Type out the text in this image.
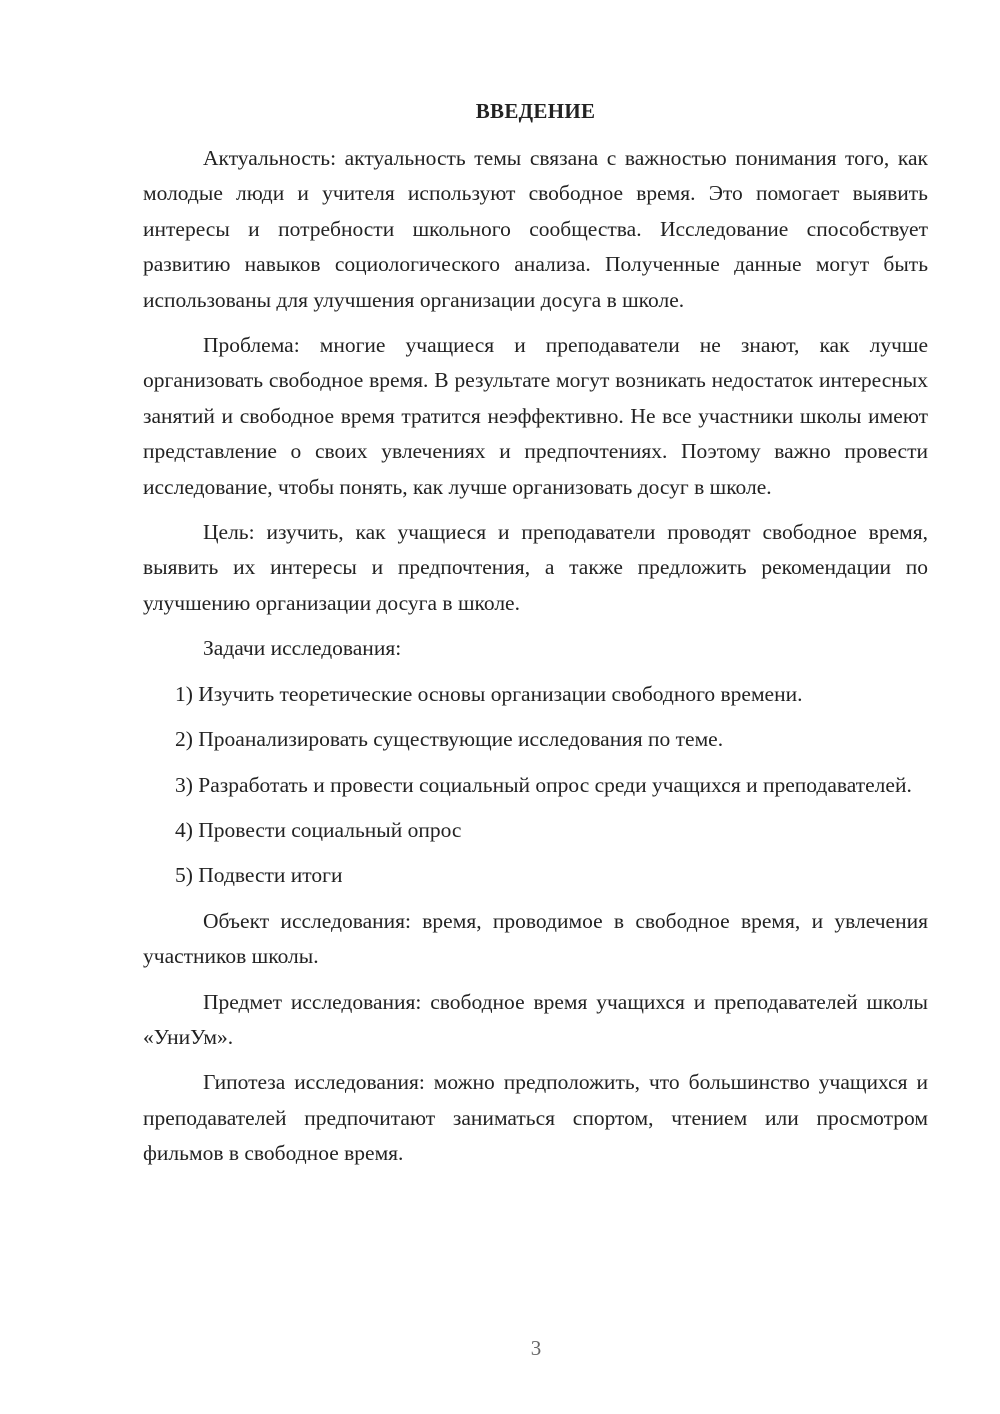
ВВЕДЕНИЕ

Актуальность: актуальность темы связана с важностью понимания того, как молодые люди и учителя используют свободное время. Это помогает выявить интересы и потребности школьного сообщества. Исследование способствует развитию навыков социологического анализа. Полученные данные могут быть использованы для улучшения организации досуга в школе.

Проблема: многие учащиеся и преподаватели не знают, как лучше организовать свободное время. В результате могут возникать недостаток интересных занятий и свободное время тратится неэффективно. Не все участники школы имеют представление о своих увлечениях и предпочтениях. Поэтому важно провести исследование, чтобы понять, как лучше организовать досуг в школе.

Цель: изучить, как учащиеся и преподаватели проводят свободное время, выявить их интересы и предпочтения, а также предложить рекомендации по улучшению организации досуга в школе.

Задачи исследования:

1) Изучить теоретические основы организации свободного времени.

2) Проанализировать существующие исследования по теме.

3) Разработать и провести социальный опрос среди учащихся и преподавателей.

4) Провести социальный опрос

5) Подвести итоги

Объект исследования: время, проводимое в свободное время, и увлечения участников школы.

Предмет исследования: свободное время учащихся и преподавателей школы «УниУм».

Гипотеза исследования: можно предположить, что большинство учащихся и преподавателей предпочитают заниматься спортом, чтением или просмотром фильмов в свободное время.

3
